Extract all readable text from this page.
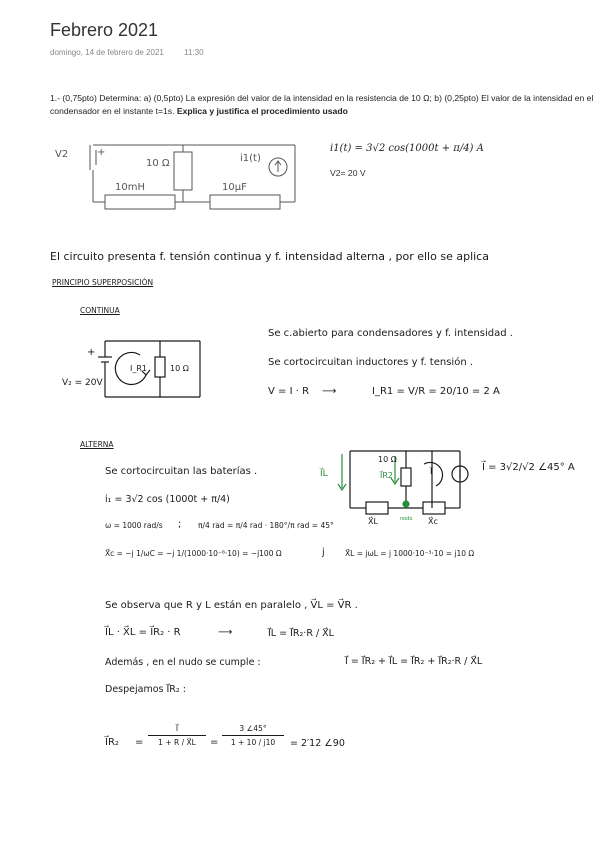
Febrero 2021
domingo, 14 de febrero de 2021	11:30
1.- (0,75pto) Determina: a) (0,5pto) La expresión del valor de la intensidad en la resistencia de 10 Ω; b) (0,25pto) El valor de la intensidad en el condensador en el instante t=1s. Explica y justifica el procedimiento usado
V2	+
10 Ω	i1(t)
10mH	10μF
i1(t) = 3√2 cos(1000t + π/4) A
V2= 20 V
El circuito presenta f. tensión continua y f. intensidad alterna , por ello se aplica
PRINCIPIO SUPERPOSICIÓN
CONTINUA
+
V₂ = 20V
I_R1	10 Ω
Se c.abierto para condensadores y f. intensidad .
Se cortocircuitan inductores y f. tensión .
V = I · R ⟶	I_R1 = V/R = 20/10 = 2 A
ALTERNA
Se cortocircuitan las baterías .
i₁ = 3√2 cos (1000t + π/4)
ω = 1000 rad/s ; π/4 rad = π/4 rad · 180°/π rad = 45°
X⃗c = −j 1/ωC = −j 1/(1000·10⁻⁶·10) = −j100 Ω	j	X⃗L = jωL = j 1000·10⁻³·10 = j10 Ω
I⃗L	I⃗R2
10 Ω
I⃗
X⃗L	nodo X⃗c
I⃗ = 3√2/√2 ∠45° A
Se observa que R y L están en paralelo , V⃗L = V⃗R .
I⃗L · X⃗L = I⃗R₂ · R	⟶	I⃗L = I⃗R₂·R / X⃗L
Además , en el nudo se cumple :	I⃗ = I⃗R₂ + I⃗L = I⃗R₂ + I⃗R₂·R / X⃗L
Despejamos I⃗R₂ :
I⃗R₂ =
I⃗
1 + R / X⃗L	=
3 ∠45°
1 + 10 / j10	= 2′12 ∠90
